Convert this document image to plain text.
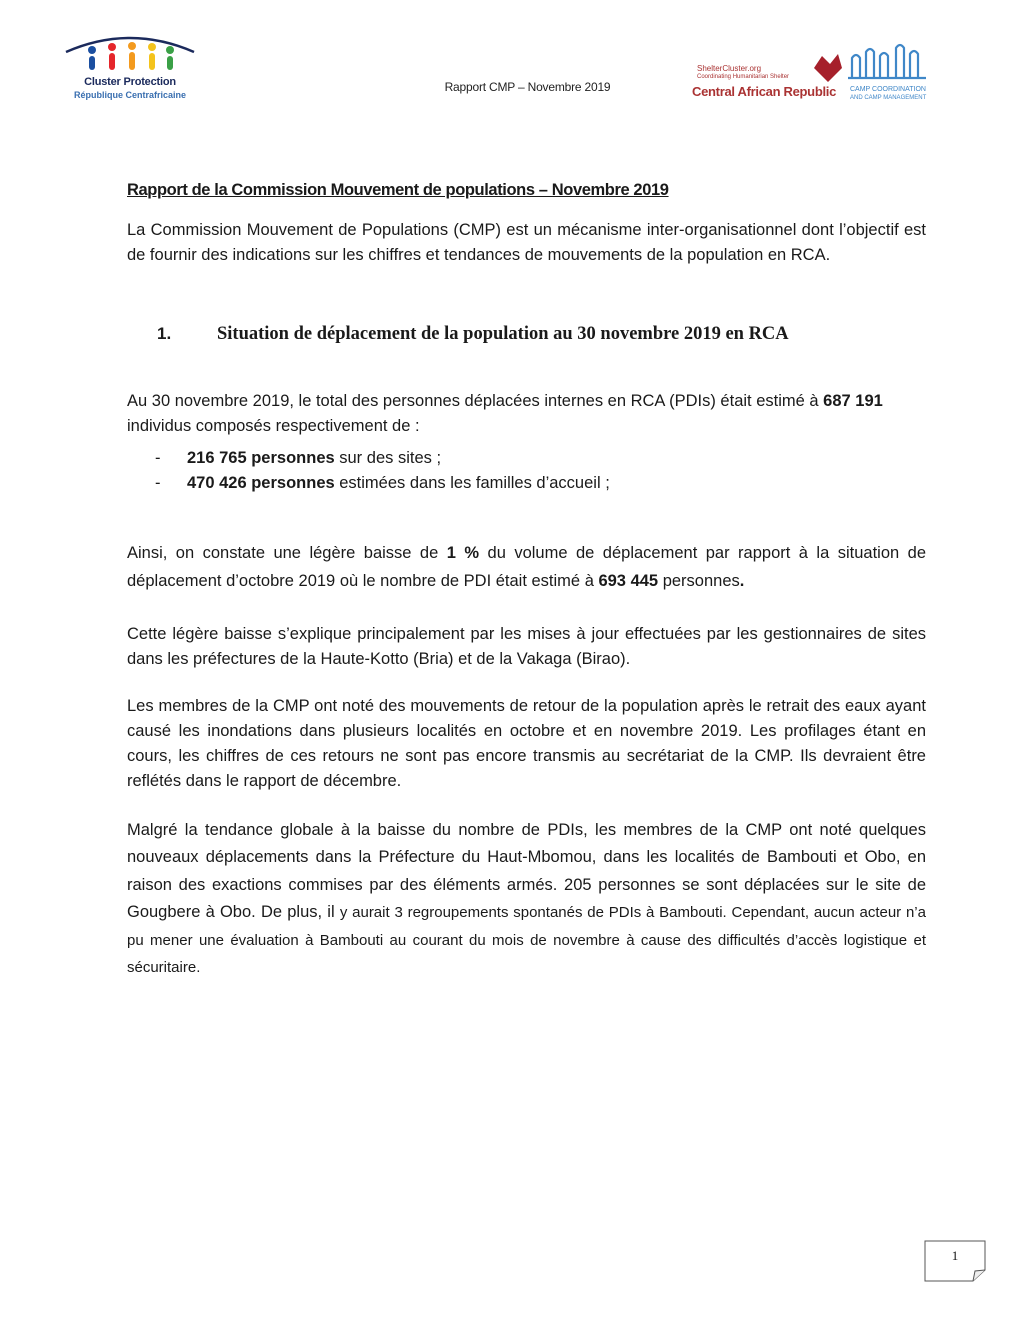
Cluster Protection
République Centrafricaine
Rapport CMP – Novembre 2019
ShelterCluster.org
Coordinating Humanitarian Shelter
Central African Republic CAMP COORDINATION
AND CAMP MANAGEMENT

Rapport de la Commission Mouvement de populations – Novembre 2019

La Commission Mouvement de Populations (CMP) est un mécanisme inter-organisationnel dont l’objectif est de fournir des indications sur les chiffres et tendances de mouvements de la population en RCA.

1. Situation de déplacement de la population au 30 novembre 2019 en RCA

Au 30 novembre 2019, le total des personnes déplacées internes en RCA (PDIs) était estimé à 687 191 individus composés respectivement de :

-	216 765 personnes sur des sites ;
-	470 426 personnes estimées dans les familles d’accueil ;

Ainsi, on constate une légère baisse de 1 % du volume de déplacement par rapport à la situation de déplacement d’octobre 2019 où le nombre de PDI était estimé à 693 445 personnes.

Cette légère baisse s’explique principalement par les mises à jour effectuées par les gestionnaires de sites dans les préfectures de la Haute-Kotto (Bria) et de la Vakaga (Birao).

Les membres de la CMP ont noté des mouvements de retour de la population après le retrait des eaux ayant causé les inondations dans plusieurs localités en octobre et en novembre 2019. Les profilages étant en cours, les chiffres de ces retours ne sont pas encore transmis au secrétariat de la CMP. Ils devraient être reflétés dans le rapport de décembre.

Malgré la tendance globale à la baisse du nombre de PDIs, les membres de la CMP ont noté quelques nouveaux déplacements dans la Préfecture du Haut-Mbomou, dans les localités de Bambouti et Obo, en raison des exactions commises par des éléments armés. 205 personnes se sont déplacées sur le site de Gougbere à Obo. De plus, il y aurait 3 regroupements spontanés de PDIs à Bambouti. Cependant, aucun acteur n’a pu mener une évaluation à Bambouti au courant du mois de novembre à cause des difficultés d’accès logistique et sécuritaire.

1
